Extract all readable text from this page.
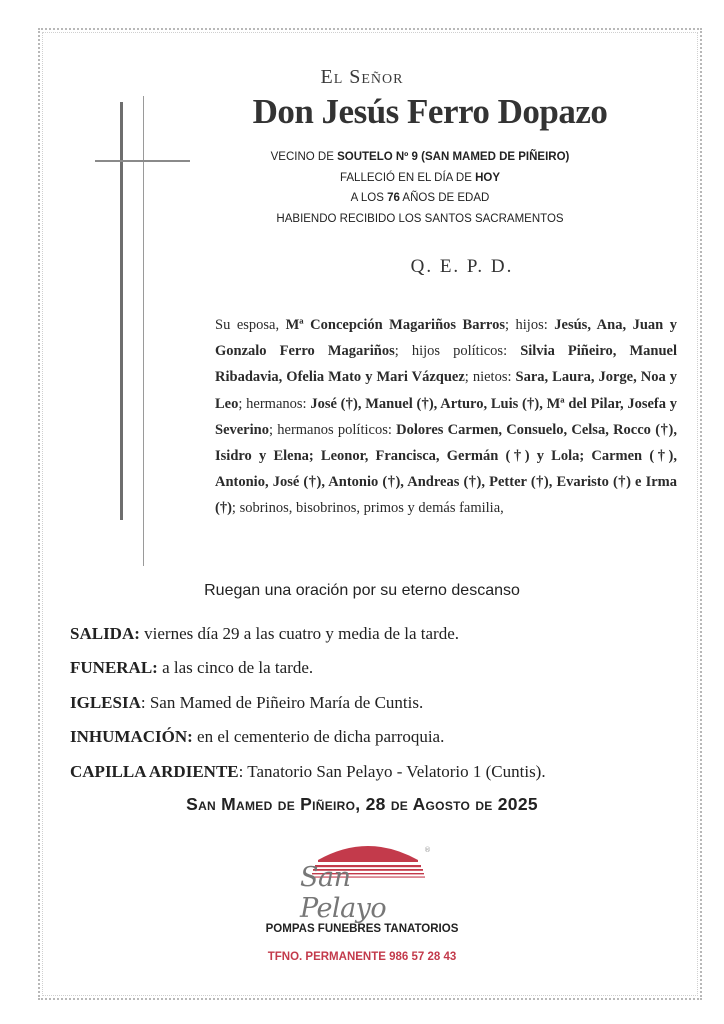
El Señor
Don Jesús Ferro Dopazo
VECINO DE SOUTELO Nº 9 (SAN MAMED DE PIÑEIRO)
FALLECIÓ EN EL DÍA DE HOY
A LOS 76 AÑOS DE EDAD
HABIENDO RECIBIDO LOS SANTOS SACRAMENTOS
Q. E. P. D.
Su esposa, Mª Concepción Magariños Barros; hijos: Jesús, Ana, Juan y Gonzalo Ferro Magariños; hijos políticos: Silvia Piñeiro, Manuel Ribadavia, Ofelia Mato y Mari Vázquez; nietos: Sara, Laura, Jorge, Noa y Leo; hermanos: José (†), Manuel (†), Arturo, Luis (†), Mª del Pilar, Josefa y Severino; hermanos políticos: Dolores Carmen, Consuelo, Celsa, Rocco (†), Isidro y Elena; Leonor, Francisca, Germán (†) y Lola; Carmen (†), Antonio, José (†), Antonio (†), Andreas (†), Petter (†), Evaristo (†) e Irma (†); sobrinos, bisobrinos, primos y demás familia,
Ruegan una oración por su eterno descanso
SALIDA: viernes día 29 a las cuatro y media de la tarde.
FUNERAL: a las cinco de la tarde.
IGLESIA: San Mamed de Piñeiro María de Cuntis.
INHUMACIÓN: en el cementerio de dicha parroquia.
CAPILLA ARDIENTE: Tanatorio San Pelayo - Velatorio 1 (Cuntis).
San Mamed de Piñeiro, 28 de Agosto de 2025
®
San Pelayo
POMPAS FUNEBRES TANATORIOS
TFNO. PERMANENTE 986 57 28 43
